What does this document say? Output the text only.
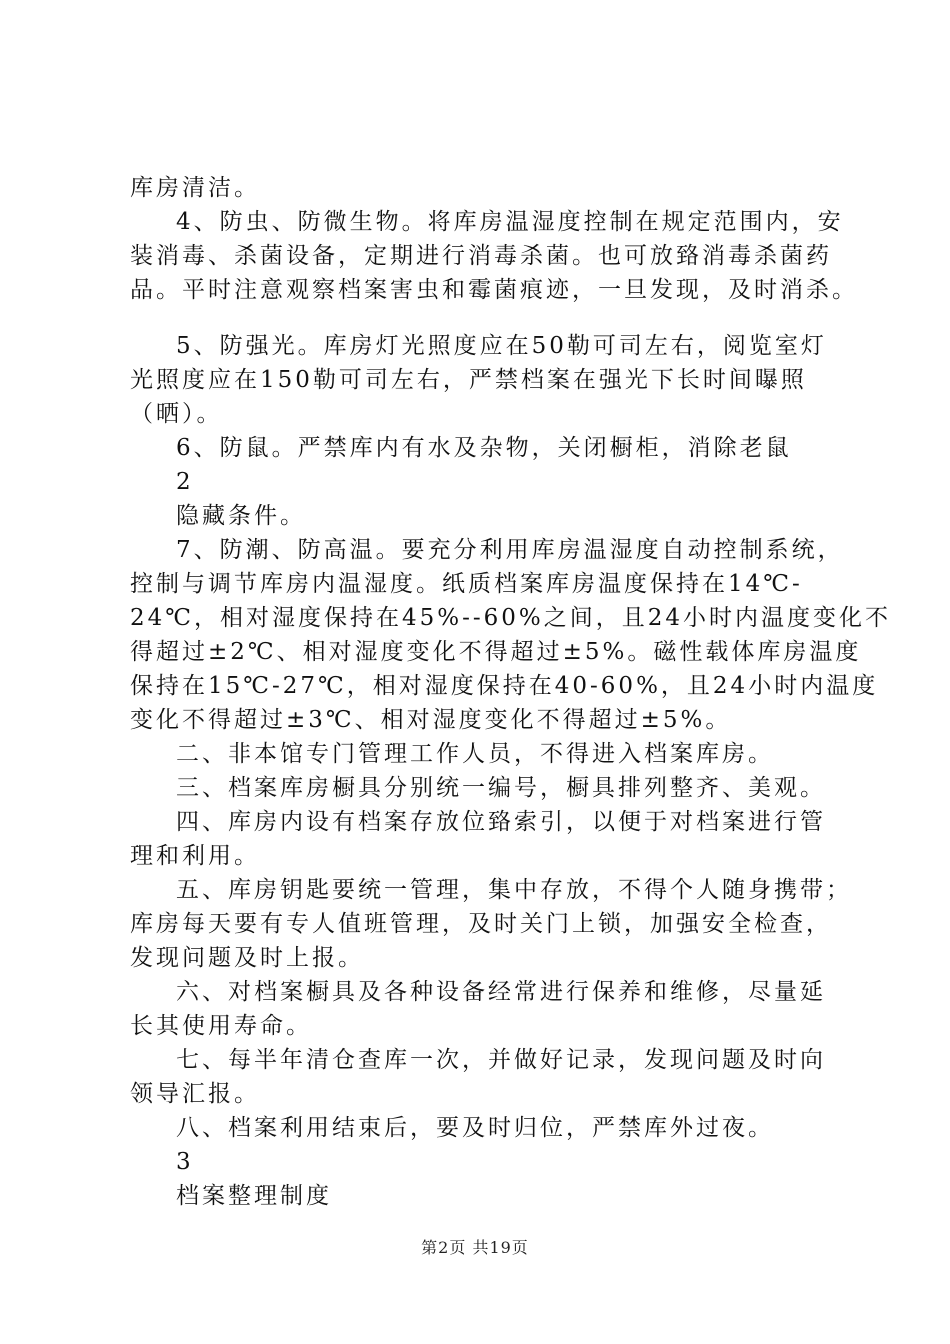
库房清洁。
4、防虫、防微生物。将库房温湿度控制在规定范围内，安
装消毒、杀菌设备，定期进行消毒杀菌。也可放臵消毒杀菌药
品。平时注意观察档案害虫和霉菌痕迹，一旦发现，及时消杀。
5、防强光。库房灯光照度应在50勒可司左右，阅览室灯
光照度应在150勒可司左右，严禁档案在强光下长时间曝照
（晒）。
6、防鼠。严禁库内有水及杂物，关闭橱柜，消除老鼠
2
隐藏条件。
7、防潮、防高温。要充分利用库房温湿度自动控制系统，
控制与调节库房内温湿度。纸质档案库房温度保持在14℃-
24℃，相对湿度保持在45%--60%之间，且24小时内温度变化不
得超过±2℃、相对湿度变化不得超过±5%。磁性载体库房温度
保持在15℃-27℃，相对湿度保持在40-60%，且24小时内温度
变化不得超过±3℃、相对湿度变化不得超过±5%。
二、非本馆专门管理工作人员，不得进入档案库房。
三、档案库房橱具分别统一编号，橱具排列整齐、美观。
四、库房内设有档案存放位臵索引，以便于对档案进行管
理和利用。
五、库房钥匙要统一管理，集中存放，不得个人随身携带；
库房每天要有专人值班管理，及时关门上锁，加强安全检查，
发现问题及时上报。
六、对档案橱具及各种设备经常进行保养和维修，尽量延
长其使用寿命。
七、每半年清仓查库一次，并做好记录，发现问题及时向
领导汇报。
八、档案利用结束后，要及时归位，严禁库外过夜。
3
档案整理制度
第2页 共19页
